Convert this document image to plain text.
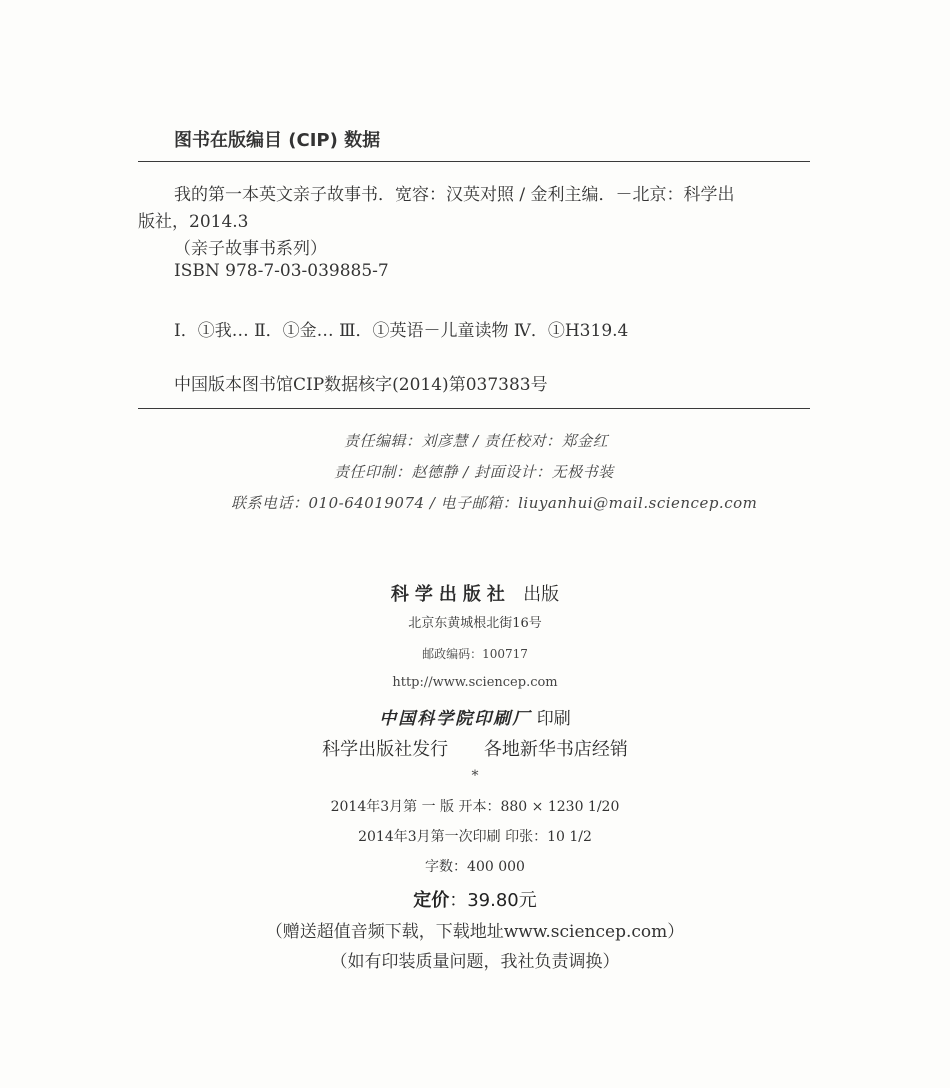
图书在版编目 (CIP) 数据
我的第一本英文亲子故事书．宽容：汉英对照 / 金利主编．－北京：科学出
版社，2014.3
（亲子故事书系列）
ISBN 978-7-03-039885-7
Ⅰ．①我… Ⅱ．①金… Ⅲ．①英语－儿童读物 Ⅳ．①H319.4
中国版本图书馆CIP数据核字(2014)第037383号
责任编辑：刘彦慧 / 责任校对：郑金红
责任印制：赵德静 / 封面设计：无极书装
联系电话：010-64019074 / 电子邮箱：liuyanhui@mail.sciencep.com
科学出版社 出版
北京东黄城根北街16号
邮政编码：100717
http://www.sciencep.com
中国科学院印刷厂 印刷
科学出版社发行 各地新华书店经销
*
2014年3月第 一 版 开本：880 × 1230 1/20
2014年3月第一次印刷 印张：10 1/2
字数：400 000
定价：39.80元
（赠送超值音频下载，下载地址www.sciencep.com）
（如有印装质量问题，我社负责调换）
